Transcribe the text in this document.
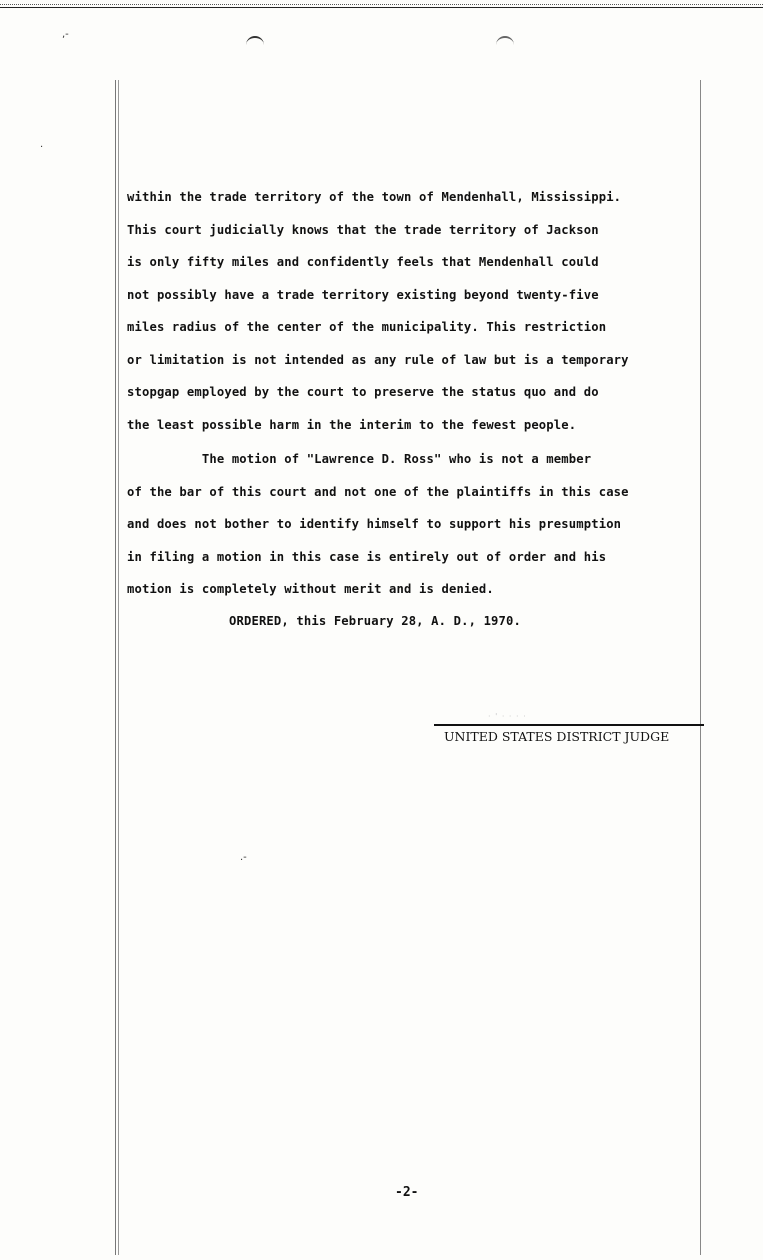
,-
.
.-
within the trade territory of the town of Mendenhall, Mississippi.
This court judicially knows that the trade territory of Jackson
is only fifty miles and confidently feels that Mendenhall could
not possibly have a trade territory existing beyond twenty-five
miles radius of the center of the municipality. This restriction
or limitation is not intended as any rule of law but is a temporary
stopgap employed by the court to preserve the status quo and do
the least possible harm in the interim to the fewest people.
The motion of "Lawrence D. Ross" who is not a member
of the bar of this court and not one of the plaintiffs in this case
and does not bother to identify himself to support his presumption
in filing a motion in this case is entirely out of order and his
motion is completely without merit and is denied.
ORDERED, this February 28, A. D., 1970.
· ' · · · ·
UNITED STATES DISTRICT JUDGE
-2-
